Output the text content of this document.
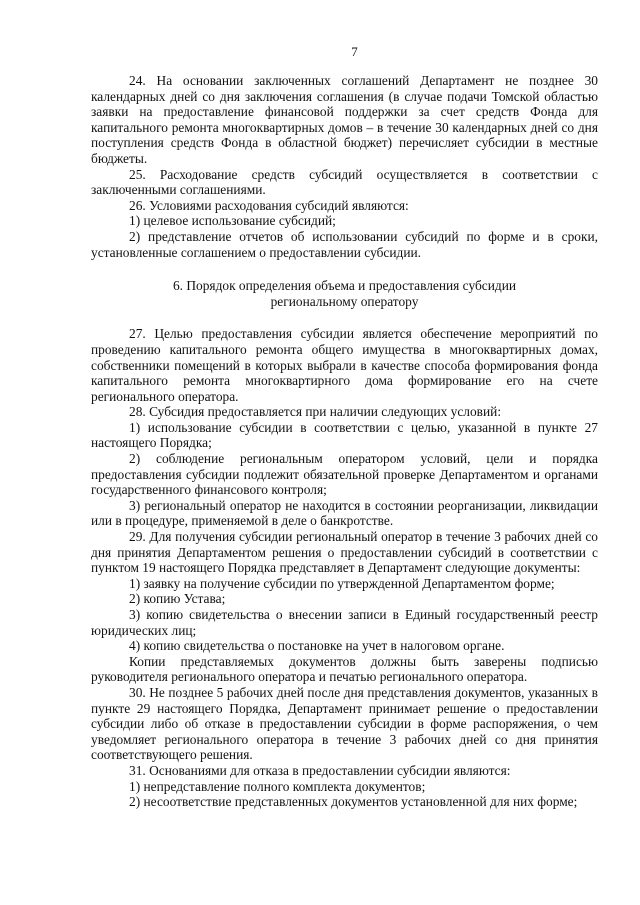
7

24. На основании заключенных соглашений Департамент не позднее 30 календарных дней со дня заключения соглашения (в случае подачи Томской областью заявки на предоставление финансовой поддержки за счет средств Фонда для капитального ремонта многоквартирных домов – в течение 30 календарных дней со дня поступления средств Фонда в областной бюджет) перечисляет субсидии в местные бюджеты.

25. Расходование средств субсидий осуществляется в соответствии с заключенными соглашениями.

26. Условиями расходования субсидий являются:

1) целевое использование субсидий;

2) представление отчетов об использовании субсидий по форме и в сроки, установленные соглашением о предоставлении субсидии.

6. Порядок определения объема и предоставления субсидии
региональному оператору

27. Целью предоставления субсидии является обеспечение мероприятий по проведению капитального ремонта общего имущества в многоквартирных домах, собственники помещений в которых выбрали в качестве способа формирования фонда капитального ремонта многоквартирного дома формирование его на счете регионального оператора.

28. Субсидия предоставляется при наличии следующих условий:

1) использование субсидии в соответствии с целью, указанной в пункте 27 настоящего Порядка;

2) соблюдение региональным оператором условий, цели и порядка предоставления субсидии подлежит обязательной проверке Департаментом и органами государственного финансового контроля;

3) региональный оператор не находится в состоянии реорганизации, ликвидации или в процедуре, применяемой в деле о банкротстве.

29. Для получения субсидии региональный оператор в течение 3 рабочих дней со дня принятия Департаментом решения о предоставлении субсидий в соответствии с пунктом 19 настоящего Порядка представляет в Департамент следующие документы:

1) заявку на получение субсидии по утвержденной Департаментом форме;

2) копию Устава;

3) копию свидетельства о внесении записи в Единый государственный реестр юридических лиц;

4) копию свидетельства о постановке на учет в налоговом органе.

Копии представляемых документов должны быть заверены подписью руководителя регионального оператора и печатью регионального оператора.

30. Не позднее 5 рабочих дней после дня представления документов, указанных в пункте 29 настоящего Порядка, Департамент принимает решение о предоставлении субсидии либо об отказе в предоставлении субсидии в форме распоряжения, о чем уведомляет регионального оператора в течение 3 рабочих дней со дня принятия соответствующего решения.

31. Основаниями для отказа в предоставлении субсидии являются:

1) непредставление полного комплекта документов;

2) несоответствие представленных документов установленной для них форме;
